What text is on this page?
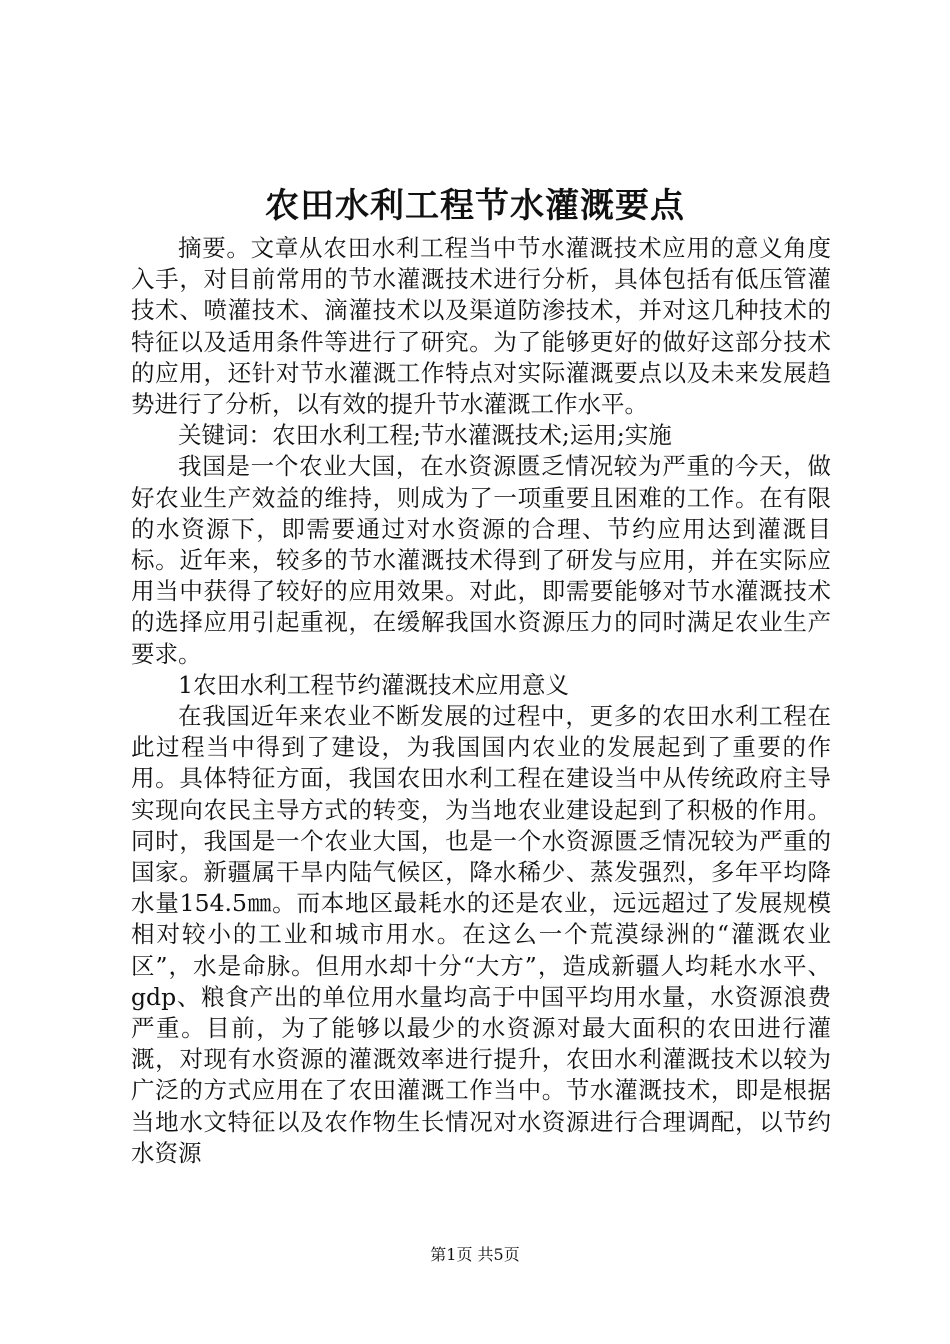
农田水利工程节水灌溉要点

摘要。文章从农田水利工程当中节水灌溉技术应用的意义角度入手，对目前常用的节水灌溉技术进行分析，具体包括有低压管灌技术、喷灌技术、滴灌技术以及渠道防渗技术，并对这几种技术的特征以及适用条件等进行了研究。为了能够更好的做好这部分技术的应用，还针对节水灌溉工作特点对实际灌溉要点以及未来发展趋势进行了分析，以有效的提升节水灌溉工作水平。

关键词：农田水利工程;节水灌溉技术;运用;实施

我国是一个农业大国，在水资源匮乏情况较为严重的今天，做好农业生产效益的维持，则成为了一项重要且困难的工作。在有限的水资源下，即需要通过对水资源的合理、节约应用达到灌溉目标。近年来，较多的节水灌溉技术得到了研发与应用，并在实际应用当中获得了较好的应用效果。对此，即需要能够对节水灌溉技术的选择应用引起重视，在缓解我国水资源压力的同时满足农业生产要求。

1农田水利工程节约灌溉技术应用意义

在我国近年来农业不断发展的过程中，更多的农田水利工程在此过程当中得到了建设，为我国国内农业的发展起到了重要的作用。具体特征方面，我国农田水利工程在建设当中从传统政府主导实现向农民主导方式的转变，为当地农业建设起到了积极的作用。同时，我国是一个农业大国，也是一个水资源匮乏情况较为严重的国家。新疆属干旱内陆气候区，降水稀少、蒸发强烈，多年平均降水量154.5㎜。而本地区最耗水的还是农业，远远超过了发展规模相对较小的工业和城市用水。在这么一个荒漠绿洲的“灌溉农业区”，水是命脉。但用水却十分“大方”，造成新疆人均耗水水平、gdp、粮食产出的单位用水量均高于中国平均用水量，水资源浪费严重。目前，为了能够以最少的水资源对最大面积的农田进行灌溉，对现有水资源的灌溉效率进行提升，农田水利灌溉技术以较为广泛的方式应用在了农田灌溉工作当中。节水灌溉技术，即是根据当地水文特征以及农作物生长情况对水资源进行合理调配，以节约水资源

第1页 共5页
